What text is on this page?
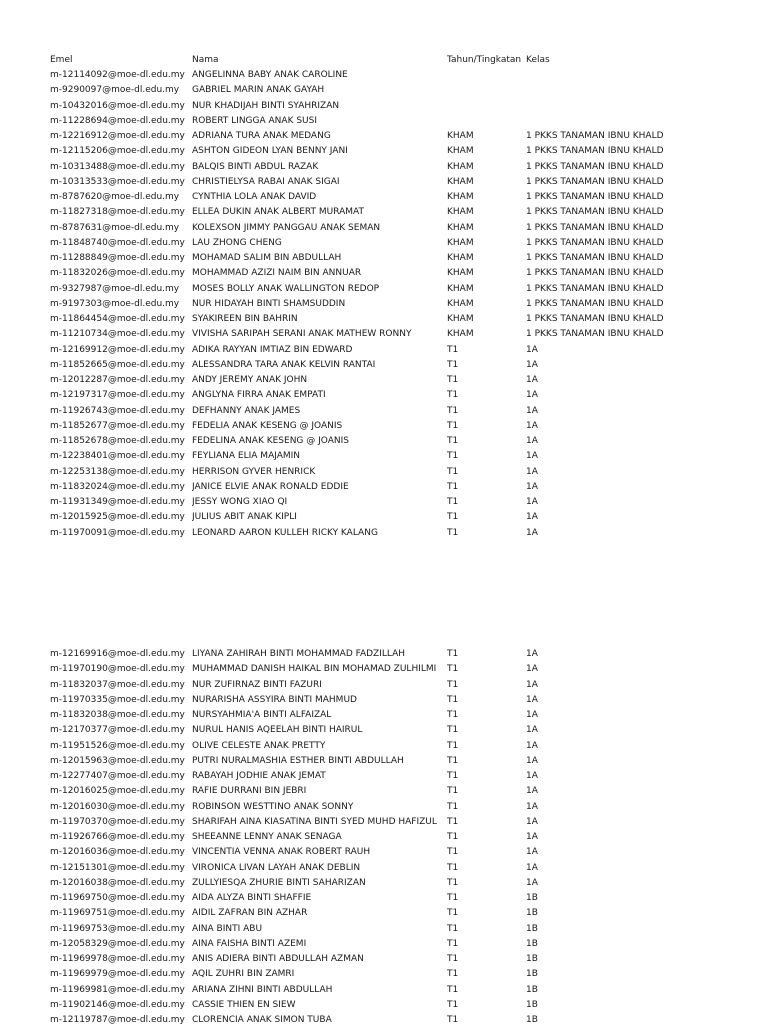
Emel	Nama	Tahun/Tingkatan Kelas
m-12114092@moe-dl.edu.my ANGELINNA BABY ANAK CAROLINE
m-9290097@moe-dl.edu.my	GABRIEL MARIN ANAK GAYAH
m-10432016@moe-dl.edu.my NUR KHADIJAH BINTI SYAHRIZAN
m-11228694@moe-dl.edu.my ROBERT LINGGA ANAK SUSI
m-12216912@moe-dl.edu.my ADRIANA TURA ANAK MEDANG	KHAM	1 PKKS TANAMAN IBNU KHALD
m-12115206@moe-dl.edu.my ASHTON GIDEON LYAN BENNY JANI	KHAM	1 PKKS TANAMAN IBNU KHALD
m-10313488@moe-dl.edu.my BALQIS BINTI ABDUL RAZAK	KHAM	1 PKKS TANAMAN IBNU KHALD
m-10313533@moe-dl.edu.my CHRISTIELYSA RABAI ANAK SIGAI	KHAM	1 PKKS TANAMAN IBNU KHALD
m-8787620@moe-dl.edu.my	CYNTHIA LOLA ANAK DAVID	KHAM	1 PKKS TANAMAN IBNU KHALD
m-11827318@moe-dl.edu.my ELLEA DUKIN ANAK ALBERT MURAMAT	KHAM	1 PKKS TANAMAN IBNU KHALD
m-8787631@moe-dl.edu.my	KOLEXSON JIMMY PANGGAU ANAK SEMAN	KHAM	1 PKKS TANAMAN IBNU KHALD
m-11848740@moe-dl.edu.my LAU ZHONG CHENG	KHAM	1 PKKS TANAMAN IBNU KHALD
m-11288849@moe-dl.edu.my MOHAMAD SALIM BIN ABDULLAH	KHAM	1 PKKS TANAMAN IBNU KHALD
m-11832026@moe-dl.edu.my MOHAMMAD AZIZI NAIM BIN ANNUAR	KHAM	1 PKKS TANAMAN IBNU KHALD
m-9327987@moe-dl.edu.my	MOSES BOLLY ANAK WALLINGTON REDOP	KHAM	1 PKKS TANAMAN IBNU KHALD
m-9197303@moe-dl.edu.my	NUR HIDAYAH BINTI SHAMSUDDIN	KHAM	1 PKKS TANAMAN IBNU KHALD
m-11864454@moe-dl.edu.my SYAKIREEN BIN BAHRIN	KHAM	1 PKKS TANAMAN IBNU KHALD
m-11210734@moe-dl.edu.my VIVISHA SARIPAH SERANI ANAK MATHEW RONNY	KHAM	1 PKKS TANAMAN IBNU KHALD
m-12169912@moe-dl.edu.my ADIKA RAYYAN IMTIAZ BIN EDWARD	T1	1A
m-11852665@moe-dl.edu.my ALESSANDRA TARA ANAK KELVIN RANTAI	T1	1A
m-12012287@moe-dl.edu.my ANDY JEREMY ANAK JOHN	T1	1A
m-12197317@moe-dl.edu.my ANGLYNA FIRRA ANAK EMPATI	T1	1A
m-11926743@moe-dl.edu.my DEFHANNY ANAK JAMES	T1	1A
m-11852677@moe-dl.edu.my FEDELIA ANAK KESENG @ JOANIS	T1	1A
m-11852678@moe-dl.edu.my FEDELINA ANAK KESENG @ JOANIS	T1	1A
m-12238401@moe-dl.edu.my FEYLIANA ELIA MAJAMIN	T1	1A
m-12253138@moe-dl.edu.my HERRISON GYVER HENRICK	T1	1A
m-11832024@moe-dl.edu.my JANICE ELVIE ANAK RONALD EDDIE	T1	1A
m-11931349@moe-dl.edu.my JESSY WONG XIAO QI	T1	1A
m-12015925@moe-dl.edu.my JULIUS ABIT ANAK KIPLI	T1	1A
m-11970091@moe-dl.edu.my LEONARD AARON KULLEH RICKY KALANG	T1	1A
m-12169916@moe-dl.edu.my LIYANA ZAHIRAH BINTI MOHAMMAD FADZILLAH	T1	1A
m-11970190@moe-dl.edu.my MUHAMMAD DANISH HAIKAL BIN MOHAMAD ZULHILMI	T1	1A
m-11832037@moe-dl.edu.my NUR ZUFIRNAZ BINTI FAZURI	T1	1A
m-11970335@moe-dl.edu.my NURARISHA ASSYIRA BINTI MAHMUD	T1	1A
m-11832038@moe-dl.edu.my NURSYAHMIA'A BINTI ALFAIZAL	T1	1A
m-12170377@moe-dl.edu.my NURUL HANIS AQEELAH BINTI HAIRUL	T1	1A
m-11951526@moe-dl.edu.my OLIVE CELESTE ANAK PRETTY	T1	1A
m-12015963@moe-dl.edu.my PUTRI NURALMASHIA ESTHER BINTI ABDULLAH	T1	1A
m-12277407@moe-dl.edu.my RABAYAH JODHIE ANAK JEMAT	T1	1A
m-12016025@moe-dl.edu.my RAFIE DURRANI BIN JEBRI	T1	1A
m-12016030@moe-dl.edu.my ROBINSON WESTTINO ANAK SONNY	T1	1A
m-11970370@moe-dl.edu.my SHARIFAH AINA KIASATINA BINTI SYED MUHD HAFIZUL	T1	1A
m-11926766@moe-dl.edu.my SHEEANNE LENNY ANAK SENAGA	T1	1A
m-12016036@moe-dl.edu.my VINCENTIA VENNA ANAK ROBERT RAUH	T1	1A
m-12151301@moe-dl.edu.my VIRONICA LIVAN LAYAH ANAK DEBLIN	T1	1A
m-12016038@moe-dl.edu.my ZULLYIESQA ZHURIE BINTI SAHARIZAN	T1	1A
m-11969750@moe-dl.edu.my AIDA ALYZA BINTI SHAFFIE	T1	1B
m-11969751@moe-dl.edu.my AIDIL ZAFRAN BIN AZHAR	T1	1B
m-11969753@moe-dl.edu.my AINA BINTI ABU	T1	1B
m-12058329@moe-dl.edu.my AINA FAISHA BINTI AZEMI	T1	1B
m-11969978@moe-dl.edu.my ANIS ADIERA BINTI ABDULLAH AZMAN	T1	1B
m-11969979@moe-dl.edu.my AQIL ZUHRI BIN ZAMRI	T1	1B
m-11969981@moe-dl.edu.my ARIANA ZIHNI BINTI ABDULLAH	T1	1B
m-11902146@moe-dl.edu.my CASSIE THIEN EN SIEW	T1	1B
m-12119787@moe-dl.edu.my CLORENCIA ANAK SIMON TUBA	T1	1B
